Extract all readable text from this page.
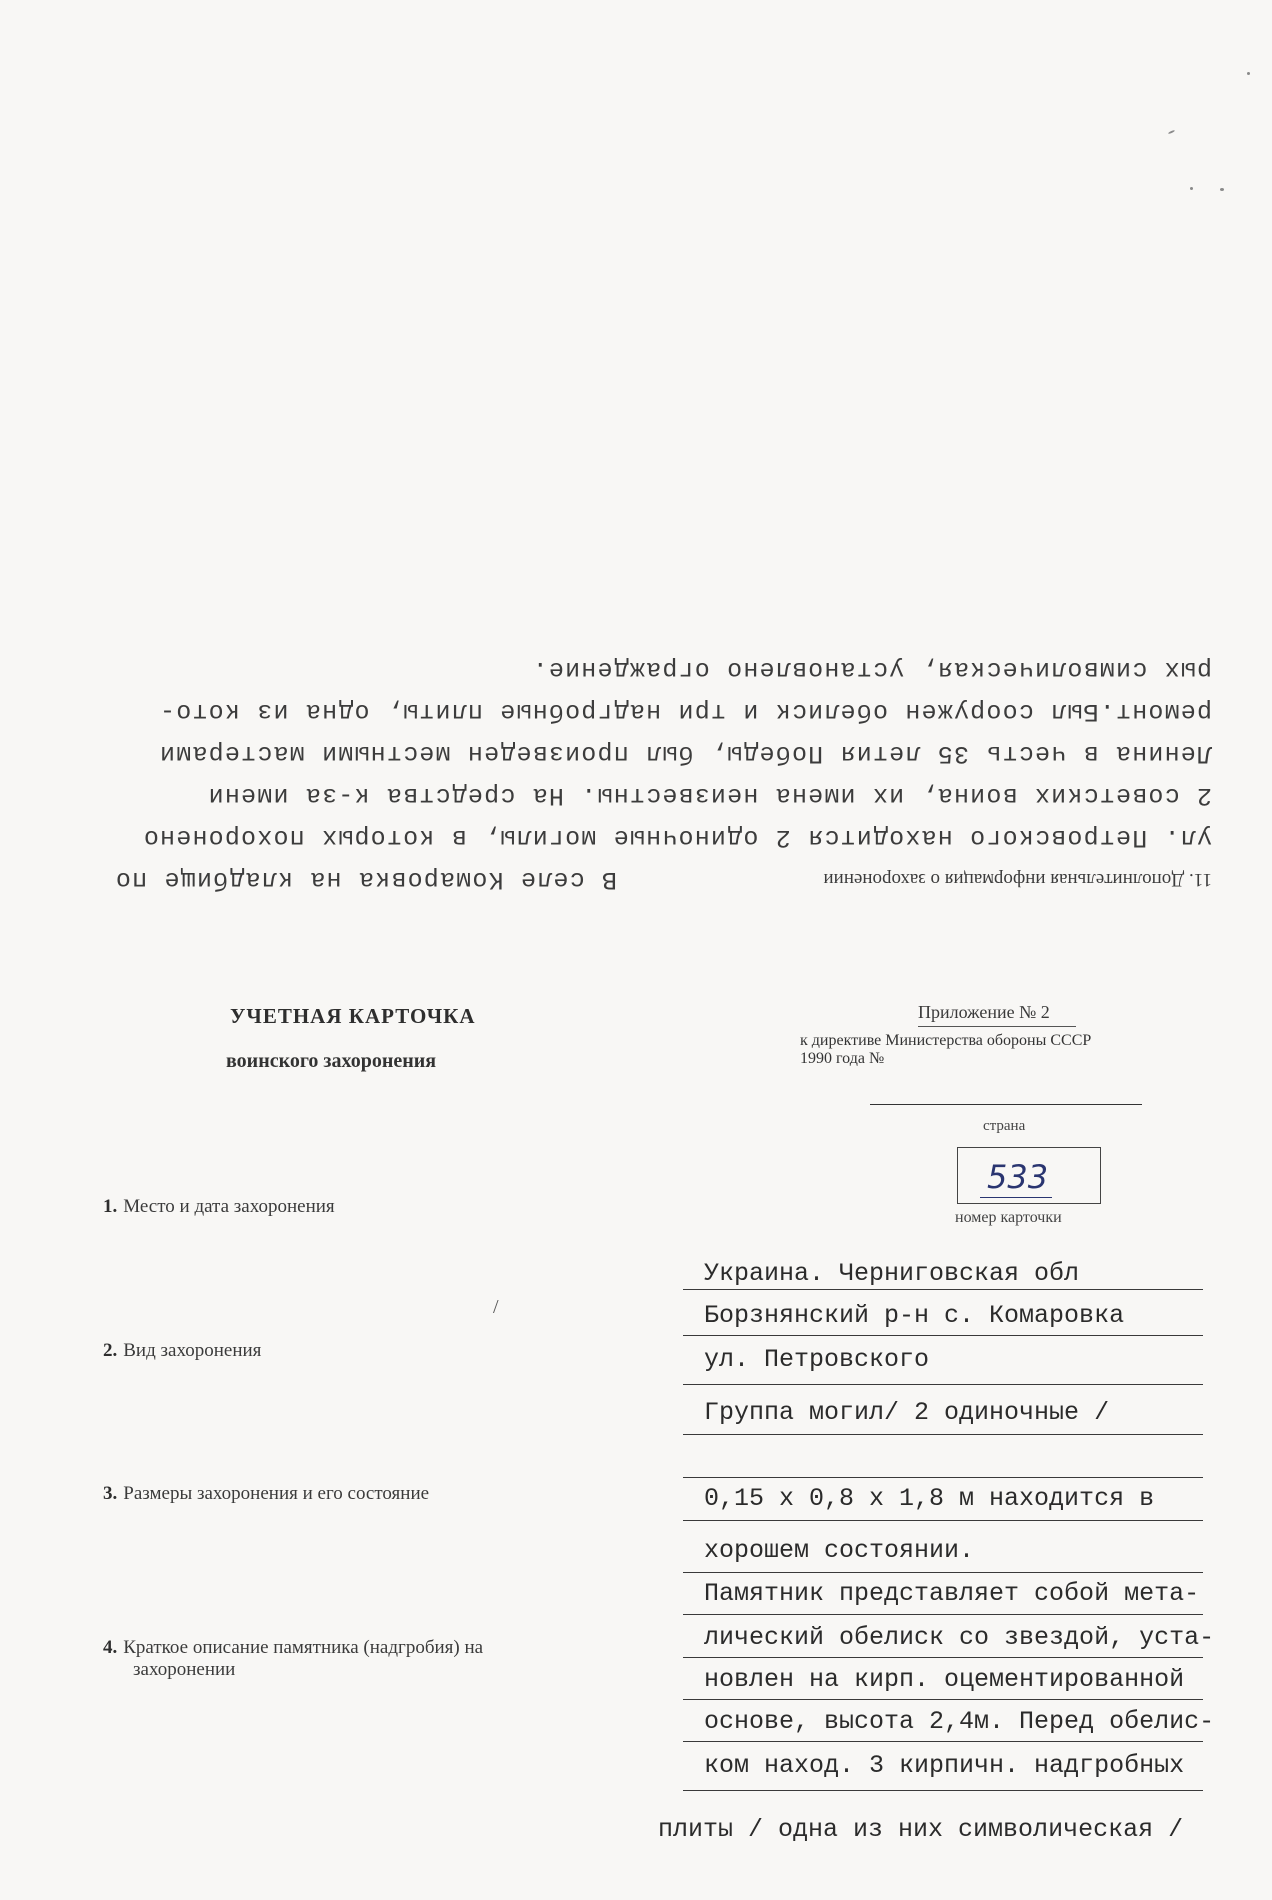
11. Дополнительная информация о захоронении
В селе Комаровка на кладбище по
ул. Петровского находится 2 одиночные могилы, в которых похоронено
2 советских воина, их имена неизвестны. На средства к-за имени
Ленина в честь 35 летия Победы, был произведен местными мастерами
ремонт.Был сооружен обелиск и три надгробные плиты, одна из кото-
рых символическая, установлено ограждение.
УЧЕТНАЯ КАРТОЧКА
воинского захоронения
Приложение № 2
к директиве Министерства обороны СССР
1990 года №
страна
533
номер карточки
1. Место и дата захоронения
/
2. Вид захоронения
3. Размеры захоронения и его состояние
4. Краткое описание памятника (надгробия) на
захоронении
Украина. Черниговская обл
Борзнянский р-н с. Комаровка
ул. Петровского
Группа могил/ 2 одиночные /
0,15 х 0,8 х 1,8 м находится в
хорошем состоянии.
Памятник представляет собой мета-
лический обелиск со звездой, уста-
новлен на кирп. оцементированной
основе, высота 2,4м. Перед обелис-
ком наход. 3 кирпичн. надгробных
плиты / одна из них символическая /
